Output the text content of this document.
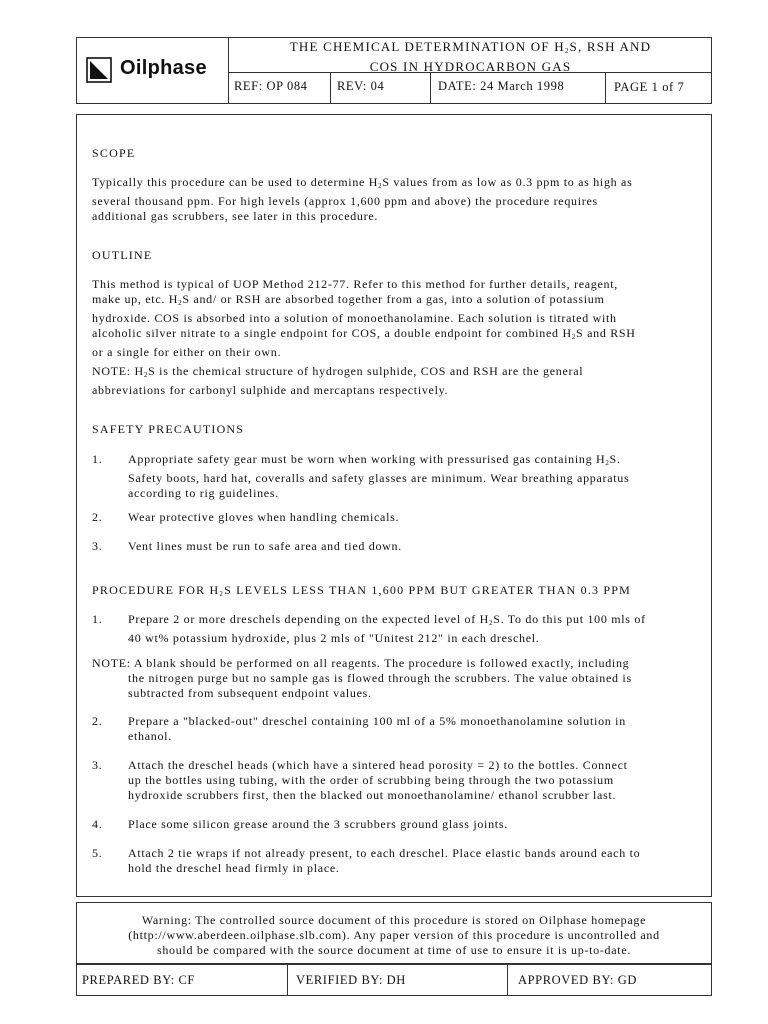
Oilphase
THE CHEMICAL DETERMINATION OF $H_2S$, RSH AND
COS IN HYDROCARBON GAS
REF: OP 084 REV: 04	DATE: 24 March 1998	PAGE 1 of 7

SCOPE

Typically this procedure can be used to determine $H_2S$ values from as low as 0.3 ppm to as high as
several thousand ppm. For high levels (approx 1,600 ppm and above) the procedure requires
additional gas scrubbers, see later in this procedure.

OUTLINE

This method is typical of UOP Method 212-77. Refer to this method for further details, reagent,
make up, etc. $H_2S$ and/ or RSH are absorbed together from a gas, into a solution of potassium
hydroxide. COS is absorbed into a solution of monoethanolamine. Each solution is titrated with
alcoholic silver nitrate to a single endpoint for COS, a double endpoint for combined $H_2S$ and RSH
or a single for either on their own.
NOTE: $H_2S$ is the chemical structure of hydrogen sulphide, COS and RSH are the general
abbreviations for carbonyl sulphide and mercaptans respectively.

SAFETY PRECAUTIONS

1. Appropriate safety gear must be worn when working with pressurised gas containing $H_2S$.
Safety boots, hard hat, coveralls and safety glasses are minimum. Wear breathing apparatus
according to rig guidelines.
2. Wear protective gloves when handling chemicals.
3. Vent lines must be run to safe area and tied down.

PROCEDURE FOR $H_2S$ LEVELS LESS THAN 1,600 PPM BUT GREATER THAN 0.3 PPM

1. Prepare 2 or more dreschels depending on the expected level of $H_2S$. To do this put 100 mls of
40 wt% potassium hydroxide, plus 2 mls of "Unitest 212" in each dreschel.
NOTE: A blank should be performed on all reagents. The procedure is followed exactly, including
the nitrogen purge but no sample gas is flowed through the scrubbers. The value obtained is
subtracted from subsequent endpoint values.
2. Prepare a "blacked-out" dreschel containing 100 ml of a 5% monoethanolamine solution in
ethanol.
3. Attach the dreschel heads (which have a sintered head porosity = 2) to the bottles. Connect
up the bottles using tubing, with the order of scrubbing being through the two potassium
hydroxide scrubbers first, then the blacked out monoethanolamine/ ethanol scrubber last.
4. Place some silicon grease around the 3 scrubbers ground glass joints.
5. Attach 2 tie wraps if not already present, to each dreschel. Place elastic bands around each to
hold the dreschel head firmly in place.
Warning: The controlled source document of this procedure is stored on Oilphase homepage
(http://www.aberdeen.oilphase.slb.com). Any paper version of this procedure is uncontrolled and
should be compared with the source document at time of use to ensure it is up-to-date.
PREPARED BY: CF	VERIFIED BY: DH	APPROVED BY: GD
